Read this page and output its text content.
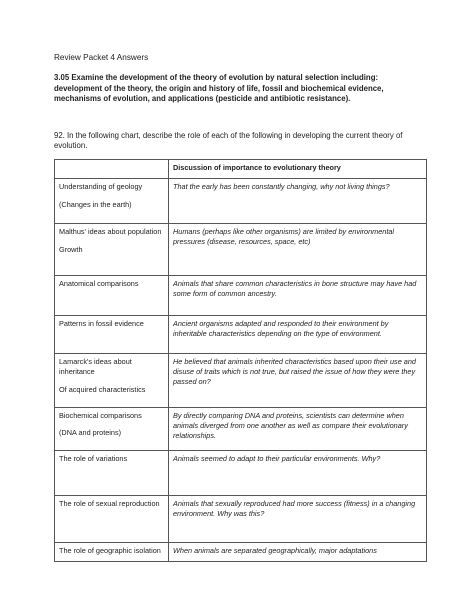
Review Packet 4 Answers

3.05 Examine the development of the theory of evolution by natural selection including: development of the theory, the origin and history of life, fossil and biochemical evidence, mechanisms of evolution, and applications (pesticide and antibiotic resistance).

92. In the following chart, describe the role of each of the following in developing the current theory of evolution.

	Discussion of importance to evolutionary theory
Understanding of geology
(Changes in the earth)	That the early has been constantly changing, why not living things?
Malthus' ideas about population
Growth	Humans (perhaps like other organisms) are limited by environmental pressures (disease, resources, space, etc)
Anatomical comparisons	Animals that share common characteristics in bone structure may have had some form of common ancestry.
Patterns in fossil evidence	Ancient organisms adapted and responded to their environment by inheritable characteristics depending on the type of environment.
Lamarck's ideas about inheritance
Of acquired characteristics	He believed that animals inherited characteristics based upon their use and disuse of traits which is not true, but raised the issue of how they were they passed on?
Biochemical comparisons
(DNA and proteins)	By directly comparing DNA and proteins, scientists can determine when animals diverged from one another as well as compare their evolutionary relationships.
The role of variations	Animals seemed to adapt to their particular environments. Why?
The role of sexual reproduction	Animals that sexually reproduced had more success (fitness) in a changing environment. Why was this?
The role of geographic isolation	When animals are separated geographically, major adaptations
